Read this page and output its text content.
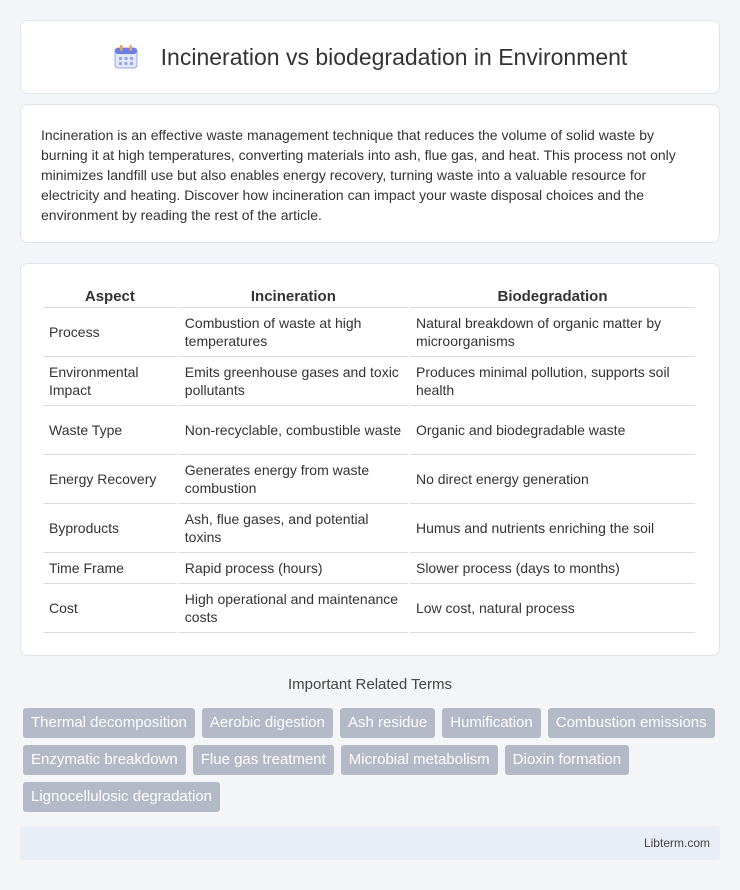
Incineration vs biodegradation in Environment

Incineration is an effective waste management technique that reduces the volume of solid waste by burning it at high temperatures, converting materials into ash, flue gas, and heat. This process not only minimizes landfill use but also enables energy recovery, turning waste into a valuable resource for electricity and heating. Discover how incineration can impact your waste disposal choices and the environment by reading the rest of the article.

Aspect	Incineration	Biodegradation
Process	Combustion of waste at high temperatures	Natural breakdown of organic matter by microorganisms
Environmental Impact	Emits greenhouse gases and toxic pollutants	Produces minimal pollution, supports soil health
Waste Type	Non-recyclable, combustible waste	Organic and biodegradable waste
Energy Recovery	Generates energy from waste combustion	No direct energy generation
Byproducts	Ash, flue gases, and potential toxins	Humus and nutrients enriching the soil
Time Frame	Rapid process (hours)	Slower process (days to months)
Cost	High operational and maintenance costs	Low cost, natural process
Important Related Terms
Thermal decomposition	Aerobic digestion	Ash residue	Humification	Combustion emissions
Enzymatic breakdown	Flue gas treatment	Microbial metabolism	Dioxin formation
Lignocellulosic degradation
Libterm.com
